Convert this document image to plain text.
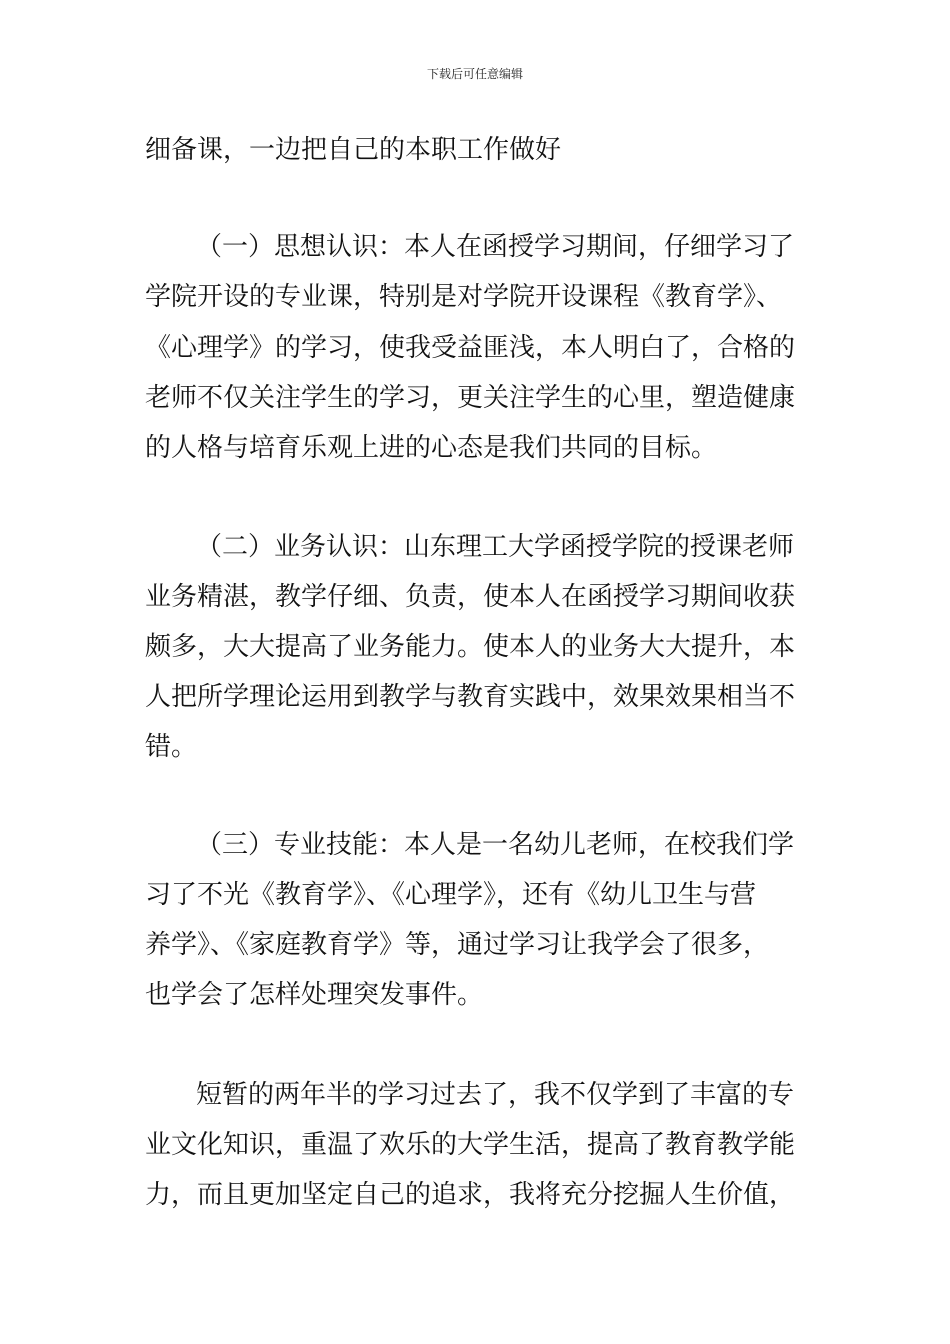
下载后可任意编辑
细备课，一边把自己的本职工作做好
（一）思想认识：本人在函授学习期间，仔细学习了
学院开设的专业课，特别是对学院开设课程《教育学》、
《心理学》的学习，使我受益匪浅，本人明白了，合格的
老师不仅关注学生的学习，更关注学生的心里，塑造健康
的人格与培育乐观上进的心态是我们共同的目标。
（二）业务认识：山东理工大学函授学院的授课老师
业务精湛，教学仔细、负责，使本人在函授学习期间收获
颇多，大大提高了业务能力。使本人的业务大大提升，本
人把所学理论运用到教学与教育实践中，效果效果相当不
错。
（三）专业技能：本人是一名幼儿老师，在校我们学
习了不光《教育学》、《心理学》，还有《幼儿卫生与营
养学》、《家庭教育学》等，通过学习让我学会了很多，
也学会了怎样处理突发事件。
短暂的两年半的学习过去了，我不仅学到了丰富的专
业文化知识，重温了欢乐的大学生活，提高了教育教学能
力，而且更加坚定自己的追求，我将充分挖掘人生价值，
